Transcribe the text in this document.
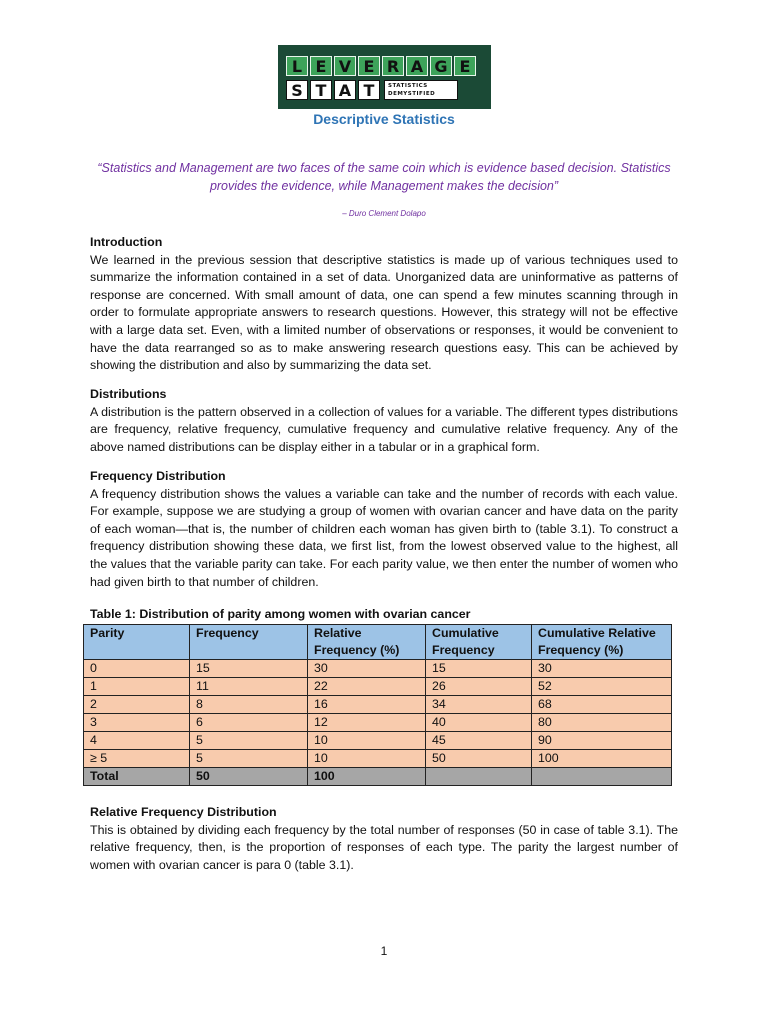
L E V E R A G E
S T A T	STATISTICS
DEMYSTIFIED
Descriptive Statistics
“Statistics and Management are two faces of the same coin which is evidence based decision. Statistics provides the evidence, while Management makes the decision”
– Duro Clement Dolapo
Introduction

We learned in the previous session that descriptive statistics is made up of various techniques used to summarize the information contained in a set of data. Unorganized data are uninformative as patterns of response are concerned. With small amount of data, one can spend a few minutes scanning through in order to formulate appropriate answers to research questions. However, this strategy will not be effective with a large data set. Even, with a limited number of observations or responses, it would be convenient to have the data rearranged so as to make answering research questions easy. This can be achieved by showing the distribution and also by summarizing the data set.

Distributions

A distribution is the pattern observed in a collection of values for a variable. The different types distributions are frequency, relative frequency, cumulative frequency and cumulative relative frequency. Any of the above named distributions can be display either in a tabular or in a graphical form.

Frequency Distribution

A frequency distribution shows the values a variable can take and the number of records with each value. For example, suppose we are studying a group of women with ovarian cancer and have data on the parity of each woman—that is, the number of children each woman has given birth to (table 3.1). To construct a frequency distribution showing these data, we first list, from the lowest observed value to the highest, all the values that the variable parity can take. For each parity value, we then enter the number of women who had given birth to that number of children.

Table 1: Distribution of parity among women with ovarian cancer
Parity	Frequency	Relative Frequency (%)	Cumulative Frequency	Cumulative Relative Frequency (%)
0	15	30	15	30
1	11	22	26	52
2	8	16	34	68
3	6	12	40	80
4	5	10	45	90
≥ 5	5	10	50	100
Total	50	100		
Relative Frequency Distribution

This is obtained by dividing each frequency by the total number of responses (50 in case of table 3.1). The relative frequency, then, is the proportion of responses of each type. The parity the largest number of women with ovarian cancer is para 0 (table 3.1).

1
